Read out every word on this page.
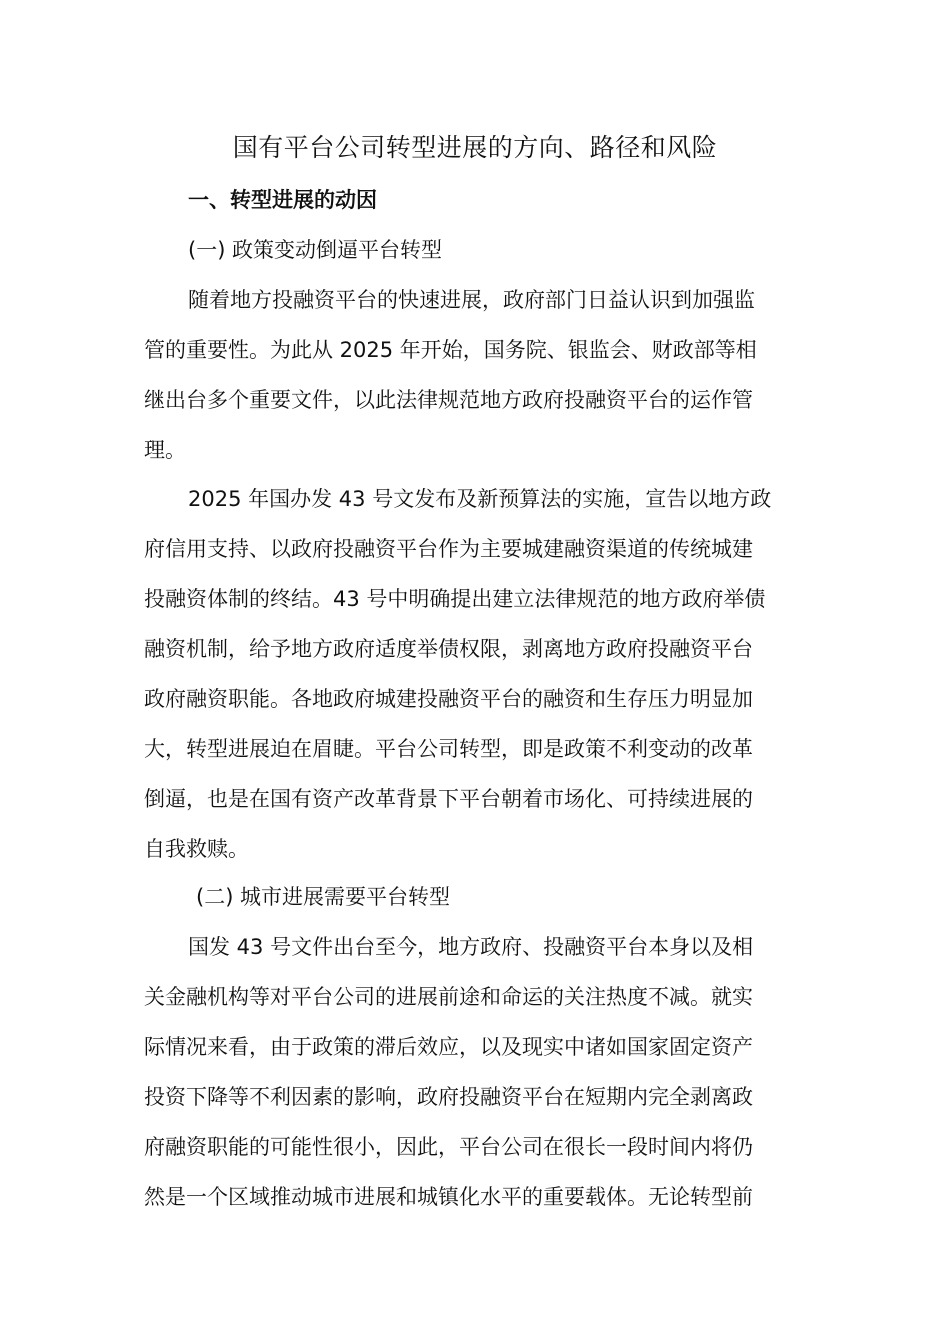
国有平台公司转型进展的方向、路径和风险
一、转型进展的动因
(一) 政策变动倒逼平台转型
随着地方投融资平台的快速进展，政府部门日益认识到加强监
管的重要性。为此从 2025 年开始，国务院、银监会、财政部等相
继出台多个重要文件，以此法律规范地方政府投融资平台的运作管
理。
2025 年国办发 43 号文发布及新预算法的实施，宣告以地方政
府信用支持、以政府投融资平台作为主要城建融资渠道的传统城建
投融资体制的终结。43 号中明确提出建立法律规范的地方政府举债
融资机制，给予地方政府适度举债权限，剥离地方政府投融资平台
政府融资职能。各地政府城建投融资平台的融资和生存压力明显加
大，转型进展迫在眉睫。平台公司转型，即是政策不利变动的改革
倒逼，也是在国有资产改革背景下平台朝着市场化、可持续进展的
自我救赎。
(二) 城市进展需要平台转型
国发 43 号文件出台至今，地方政府、投融资平台本身以及相
关金融机构等对平台公司的进展前途和命运的关注热度不减。就实
际情况来看，由于政策的滞后效应，以及现实中诸如国家固定资产
投资下降等不利因素的影响，政府投融资平台在短期内完全剥离政
府融资职能的可能性很小，因此，平台公司在很长一段时间内将仍
然是一个区域推动城市进展和城镇化水平的重要载体。无论转型前
